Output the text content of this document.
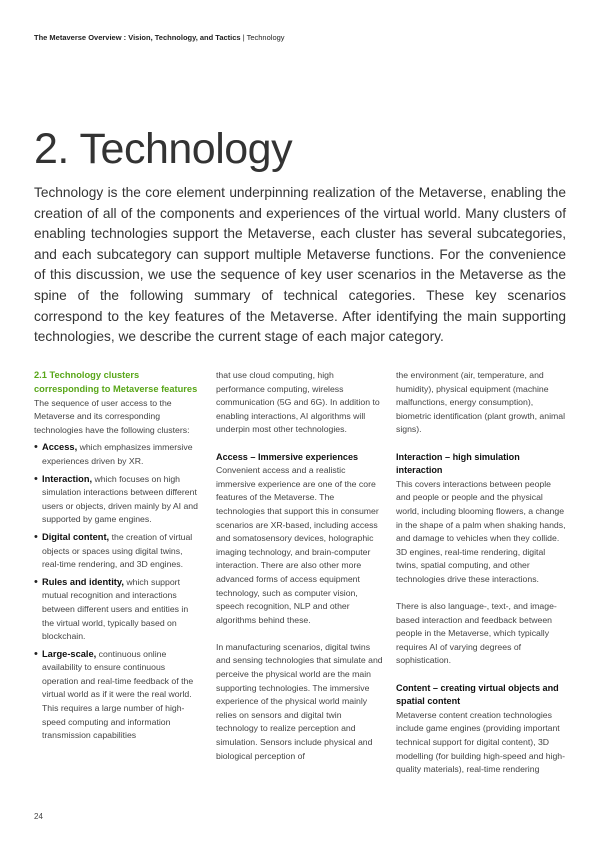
The Metaverse Overview : Vision, Technology, and Tactics | Technology
2. Technology

Technology is the core element underpinning realization of the Metaverse, enabling the creation of all of the components and experiences of the virtual world. Many clusters of enabling technologies support the Metaverse, each cluster has several subcategories, and each subcategory can support multiple Metaverse functions. For the convenience of this discussion, we use the sequence of key user scenarios in the Metaverse as the spine of the following summary of technical categories. These key scenarios correspond to the key features of the Metaverse. After identifying the main supporting technologies, we describe the current stage of each major category.

2.1 Technology clusters corresponding to Metaverse features

The sequence of user access to the Metaverse and its corresponding technologies have the following clusters:

• Access, which emphasizes immersive experiences driven by XR.
• Interaction, which focuses on high simulation interactions between different users or objects, driven mainly by AI and supported by game engines.
• Digital content, the creation of virtual objects or spaces using digital twins, real-time rendering, and 3D engines.
• Rules and identity, which support mutual recognition and interactions between different users and entities in the virtual world, typically based on blockchain.
• Large-scale, continuous online availability to ensure continuous operation and real-time feedback of the virtual world as if it were the real world. This requires a large number of high-speed computing and information transmission capabilities

that use cloud computing, high performance computing, wireless communication (5G and 6G). In addition to enabling interactions, AI algorithms will underpin most other technologies.

Access – Immersive experiences

Convenient access and a realistic immersive experience are one of the core features of the Metaverse. The technologies that support this in consumer scenarios are XR-based, including access and somatosensory devices, holographic imaging technology, and brain-computer interaction. There are also other more advanced forms of access equipment technology, such as computer vision, speech recognition, NLP and other algorithms behind these.

In manufacturing scenarios, digital twins and sensing technologies that simulate and perceive the physical world are the main supporting technologies. The immersive experience of the physical world mainly relies on sensors and digital twin technology to realize perception and simulation. Sensors include physical and biological perception of

the environment (air, temperature, and humidity), physical equipment (machine malfunctions, energy consumption), biometric identification (plant growth, animal signs).

Interaction – high simulation interaction

This covers interactions between people and people or people and the physical world, including blooming flowers, a change in the shape of a palm when shaking hands, and damage to vehicles when they collide. 3D engines, real-time rendering, digital twins, spatial computing, and other technologies drive these interactions.

There is also language-, text-, and image-based interaction and feedback between people in the Metaverse, which typically requires AI of varying degrees of sophistication.

Content – creating virtual objects and spatial content

Metaverse content creation technologies include game engines (providing important technical support for digital content), 3D modelling (for building high-speed and high-quality materials), real-time rendering

24
